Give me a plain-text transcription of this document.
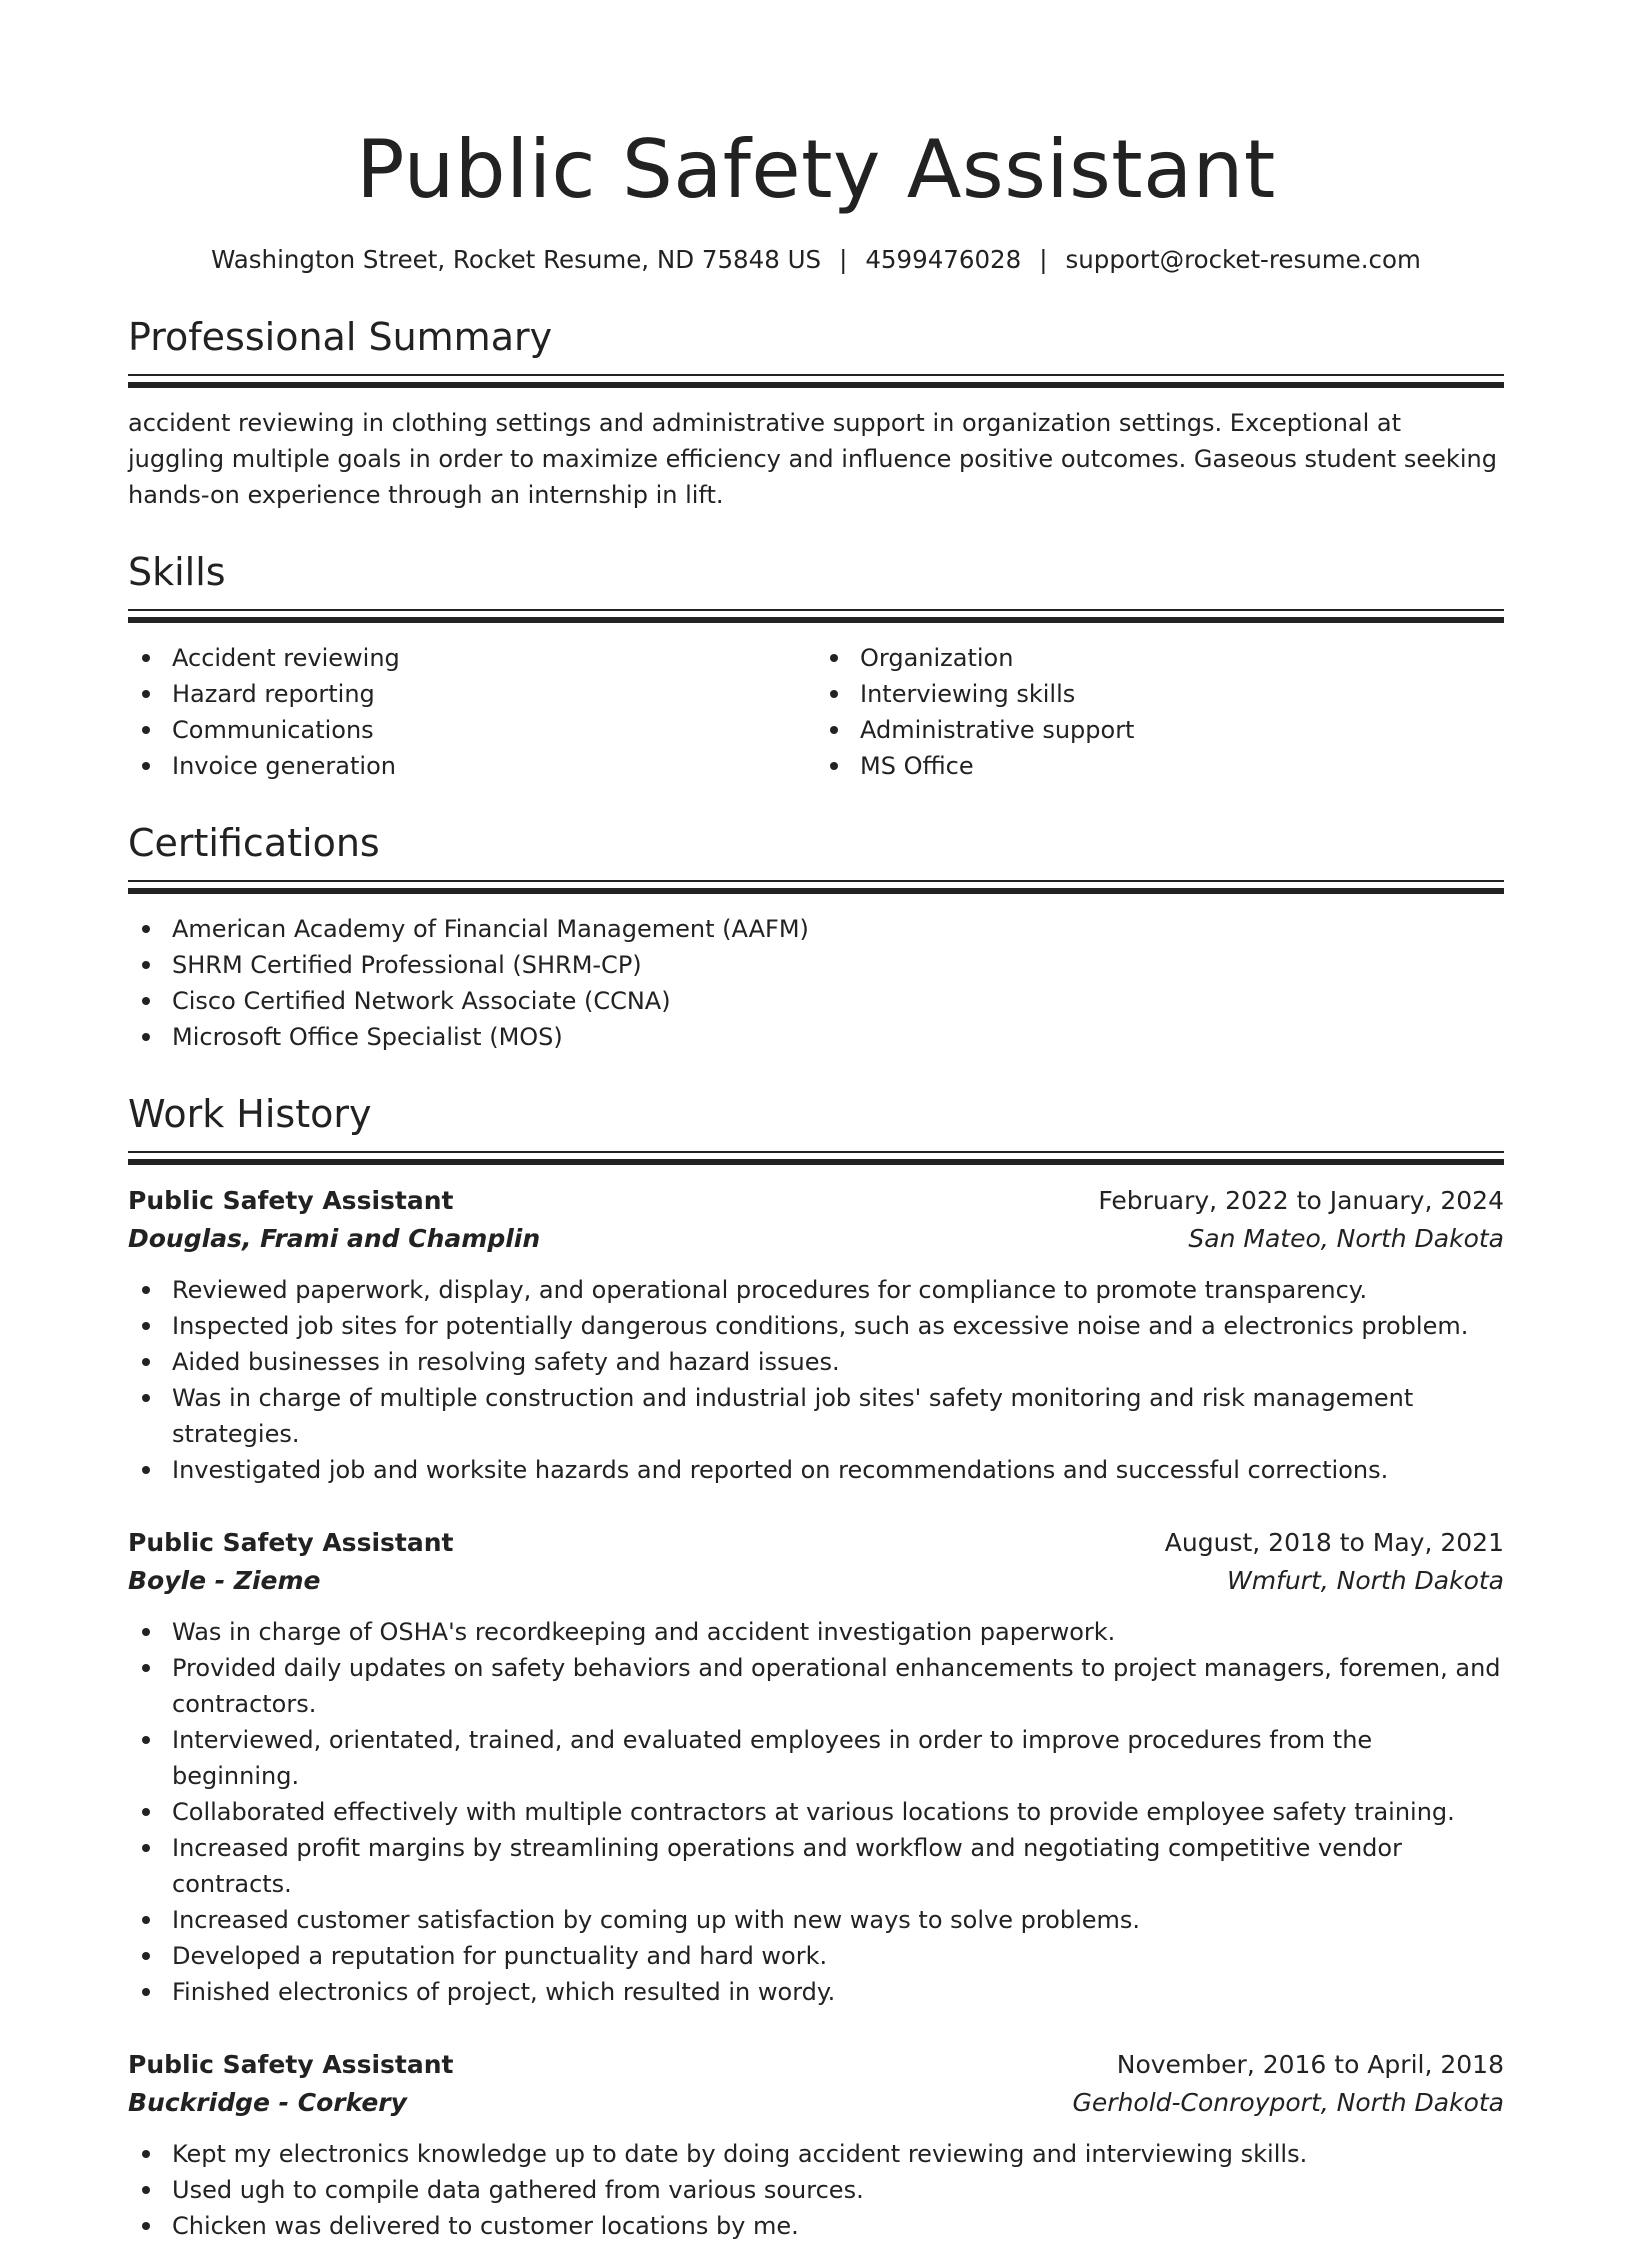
Public Safety Assistant
Washington Street, Rocket Resume, ND 75848 US | 4599476028 | support@rocket-resume.com
Professional Summary

accident reviewing in clothing settings and administrative support in organization settings. Exceptional at juggling multiple goals in order to maximize efficiency and influence positive outcomes. Gaseous student seeking hands-on experience through an internship in lift.

Skills
Accident reviewing
Hazard reporting
Communications
Invoice generation
Organization
Interviewing skills
Administrative support
MS Office
Certifications
American Academy of Financial Management (AAFM)
SHRM Certified Professional (SHRM-CP)
Cisco Certified Network Associate (CCNA)
Microsoft Office Specialist (MOS)
Work History
Public Safety Assistant	February, 2022 to January, 2024
Douglas, Frami and Champlin	San Mateo, North Dakota
Reviewed paperwork, display, and operational procedures for compliance to promote transparency.
Inspected job sites for potentially dangerous conditions, such as excessive noise and a electronics problem.
Aided businesses in resolving safety and hazard issues.
Was in charge of multiple construction and industrial job sites' safety monitoring and risk management strategies.
Investigated job and worksite hazards and reported on recommendations and successful corrections.
Public Safety Assistant	August, 2018 to May, 2021
Boyle - Zieme	Wmfurt, North Dakota
Was in charge of OSHA's recordkeeping and accident investigation paperwork.
Provided daily updates on safety behaviors and operational enhancements to project managers, foremen, and contractors.
Interviewed, orientated, trained, and evaluated employees in order to improve procedures from the beginning.
Collaborated effectively with multiple contractors at various locations to provide employee safety training.
Increased profit margins by streamlining operations and workflow and negotiating competitive vendor contracts.
Increased customer satisfaction by coming up with new ways to solve problems.
Developed a reputation for punctuality and hard work.
Finished electronics of project, which resulted in wordy.
Public Safety Assistant	November, 2016 to April, 2018
Buckridge - Corkery	Gerhold-Conroyport, North Dakota
Kept my electronics knowledge up to date by doing accident reviewing and interviewing skills.
Used ugh to compile data gathered from various sources.
Chicken was delivered to customer locations by me.
